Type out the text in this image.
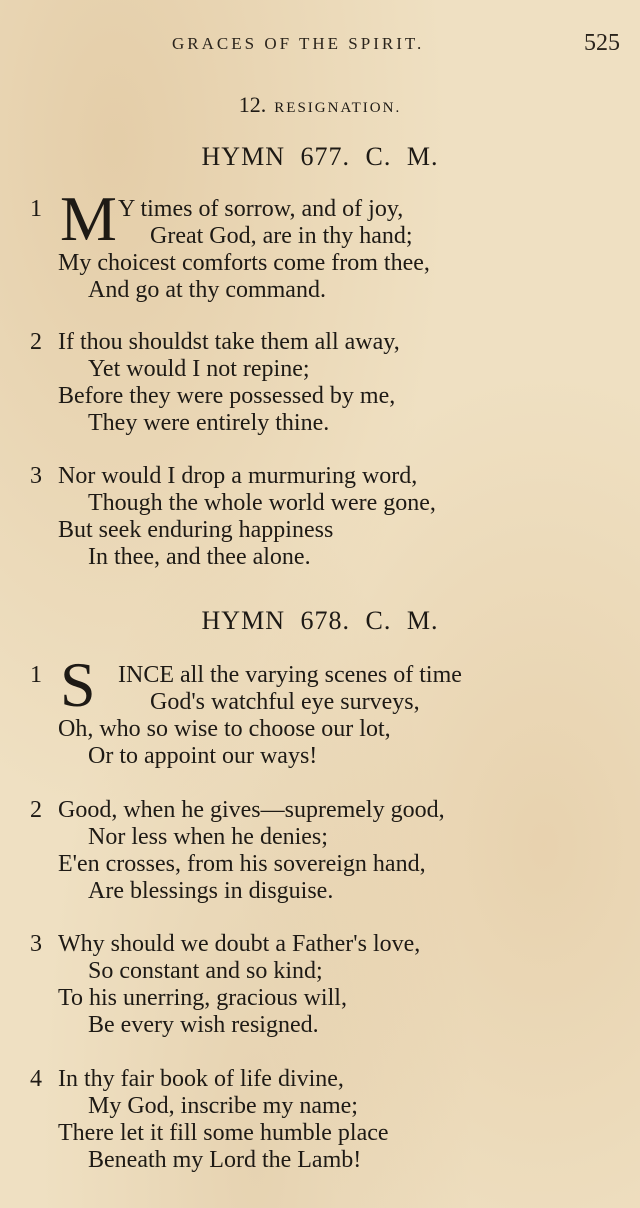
GRACES OF THE SPIRIT.	525
12. RESIGNATION.
HYMN 677. C. M.
1 M Y times of sorrow, and of joy,
Great God, are in thy hand;
My choicest comforts come from thee,
And go at thy command.
2 If thou shouldst take them all away,
Yet would I not repine;
Before they were possessed by me,
They were entirely thine.
3 Nor would I drop a murmuring word,
Though the whole world were gone,
But seek enduring happiness
In thee, and thee alone.
HYMN 678. C. M.
1 S INCE all the varying scenes of time
God's watchful eye surveys,
Oh, who so wise to choose our lot,
Or to appoint our ways!
2 Good, when he gives—supremely good,
Nor less when he denies;
E'en crosses, from his sovereign hand,
Are blessings in disguise.
3 Why should we doubt a Father's love,
So constant and so kind;
To his unerring, gracious will,
Be every wish resigned.
4 In thy fair book of life divine,
My God, inscribe my name;
There let it fill some humble place
Beneath my Lord the Lamb!
